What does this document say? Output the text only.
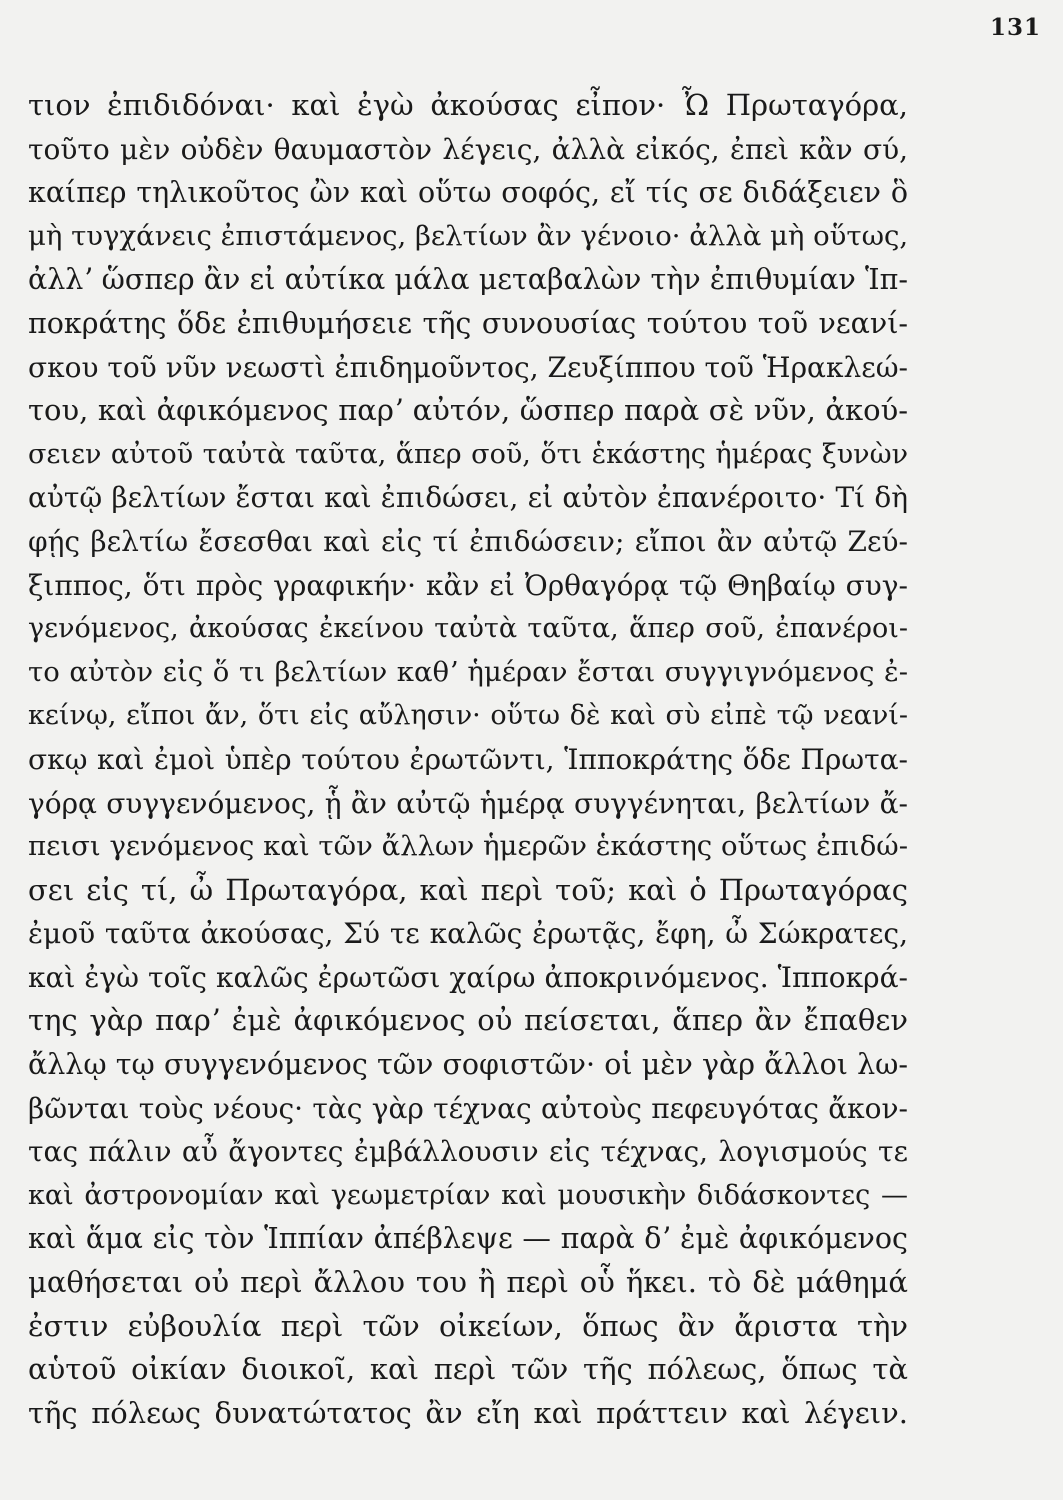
131
τιον ἐπιδιδόναι· καὶ ἐγὼ ἀκούσας εἶπον· Ὦ Πρωταγόρα,
τοῦτο μὲν οὐδὲν θαυμαστὸν λέγεις, ἀλλὰ εἰκός, ἐπεὶ κἂν σύ,
καίπερ τηλικοῦτος ὢν καὶ οὕτω σοφός, εἴ τίς σε διδάξειεν ὃ
μὴ τυγχάνεις ἐπιστάμενος, βελτίων ἂν γένοιο· ἀλλὰ μὴ οὕτως,
ἀλλʼ ὥσπερ ἂν εἰ αὐτίκα μάλα μεταβαλὼν τὴν ἐπιθυμίαν Ἱπ-
ποκράτης ὅδε ἐπιθυμήσειε τῆς συνουσίας τούτου τοῦ νεανί-
σκου τοῦ νῦν νεωστὶ ἐπιδημοῦντος, Ζευξίππου τοῦ Ἡρακλεώ-
του, καὶ ἀφικόμενος παρʼ αὐτόν, ὥσπερ παρὰ σὲ νῦν, ἀκού-
σειεν αὐτοῦ ταὐτὰ ταῦτα, ἅπερ σοῦ, ὅτι ἑκάστης ἡμέρας ξυνὼν
αὐτῷ βελτίων ἔσται καὶ ἐπιδώσει, εἰ αὐτὸν ἐπανέροιτο· Τί δὴ
φῄς βελτίω ἔσεσθαι καὶ εἰς τί ἐπιδώσειν; εἴποι ἂν αὐτῷ Ζεύ-
ξιππος, ὅτι πρὸς γραφικήν· κἂν εἰ Ὀρθαγόρᾳ τῷ Θηβαίῳ συγ-
γενόμενος, ἀκούσας ἐκείνου ταὐτὰ ταῦτα, ἅπερ σοῦ, ἐπανέροι-
το αὐτὸν εἰς ὅ τι βελτίων καθʼ ἡμέραν ἔσται συγγιγνόμενος ἐ-
κείνῳ, εἴποι ἄν, ὅτι εἰς αὔλησιν· οὕτω δὲ καὶ σὺ εἰπὲ τῷ νεανί-
σκῳ καὶ ἐμοὶ ὑπὲρ τούτου ἐρωτῶντι, Ἱπποκράτης ὅδε Πρωτα-
γόρᾳ συγγενόμενος, ᾗ ἂν αὐτῷ ἡμέρᾳ συγγένηται, βελτίων ἄ-
πεισι γενόμενος καὶ τῶν ἄλλων ἡμερῶν ἑκάστης οὕτως ἐπιδώ-
σει εἰς τί, ὦ Πρωταγόρα, καὶ περὶ τοῦ; καὶ ὁ Πρωταγόρας
ἐμοῦ ταῦτα ἀκούσας, Σύ τε καλῶς ἐρωτᾷς, ἔφη, ὦ Σώκρατες,
καὶ ἐγὼ τοῖς καλῶς ἐρωτῶσι χαίρω ἀποκρινόμενος. Ἱπποκρά-
της γὰρ παρʼ ἐμὲ ἀφικόμενος οὐ πείσεται, ἅπερ ἂν ἔπαθεν
ἄλλῳ τῳ συγγενόμενος τῶν σοφιστῶν· οἱ μὲν γὰρ ἄλλοι λω-
βῶνται τοὺς νέους· τὰς γὰρ τέχνας αὐτοὺς πεφευγότας ἄκον-
τας πάλιν αὖ ἄγοντες ἐμβάλλουσιν εἰς τέχνας, λογισμούς τε
καὶ ἀστρονομίαν καὶ γεωμετρίαν καὶ μουσικὴν διδάσκοντες —
καὶ ἅμα εἰς τὸν Ἱππίαν ἀπέβλεψε — παρὰ δʼ ἐμὲ ἀφικόμενος
μαθήσεται οὐ περὶ ἄλλου του ἢ περὶ οὗ ἥκει. τὸ δὲ μάθημά
ἐστιν εὐβουλία περὶ τῶν οἰκείων, ὅπως ἂν ἄριστα τὴν
αὑτοῦ οἰκίαν διοικοῖ, καὶ περὶ τῶν τῆς πόλεως, ὅπως τὰ
τῆς πόλεως δυνατώτατος ἂν εἴη καὶ πράττειν καὶ λέγειν.
